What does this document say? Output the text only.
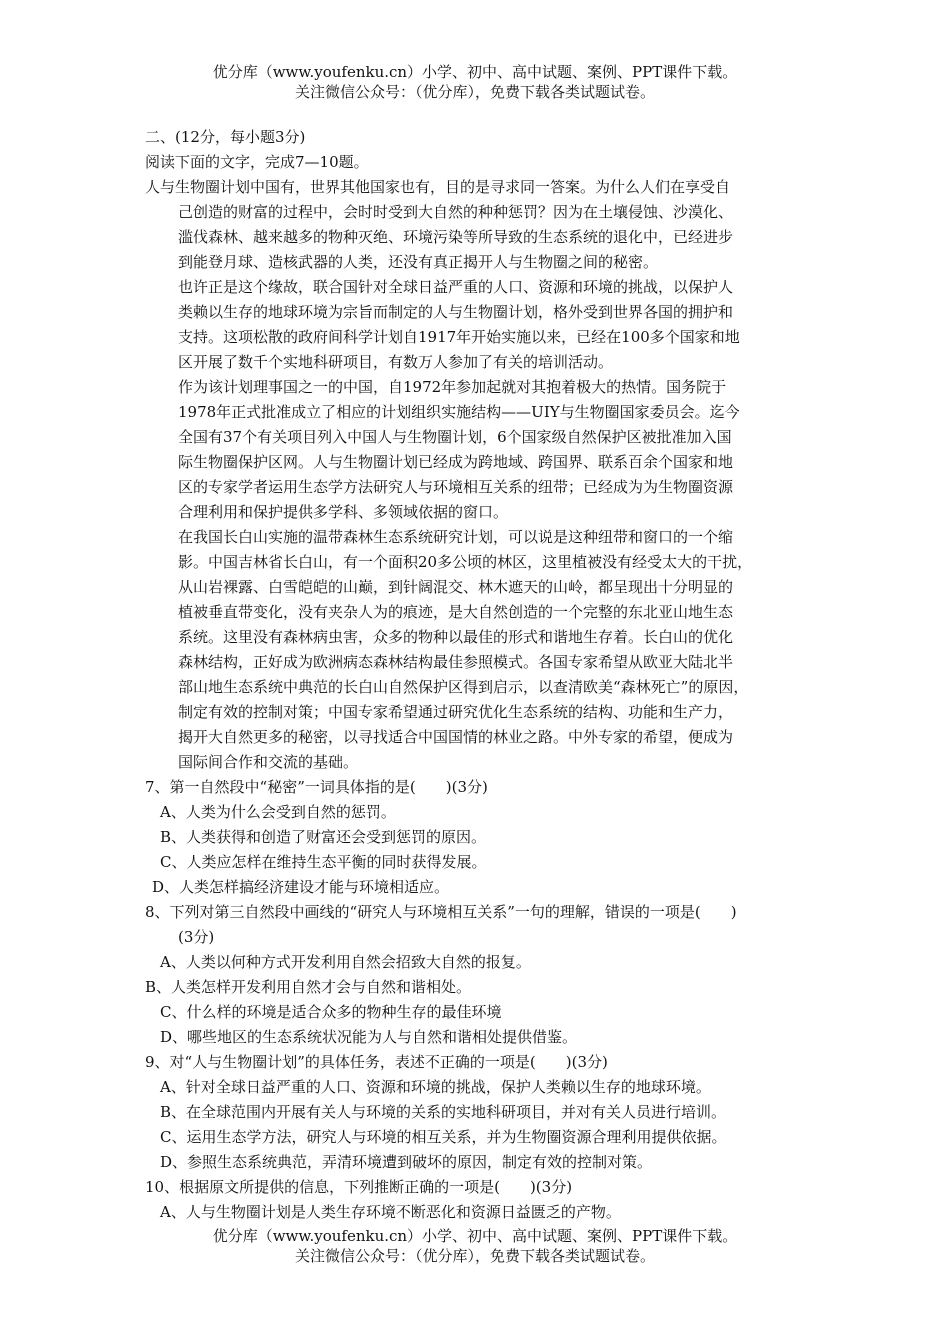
优分库（www.youfenku.cn）小学、初中、高中试题、案例、PPT课件下载。
关注微信公众号：（优分库），免费下载各类试题试卷。
二、(12分，每小题3分)
阅读下面的文字，完成7—10题。
人与生物圈计划中国有，世界其他国家也有，目的是寻求同一答案。为什么人们在享受自
己创造的财富的过程中，会时时受到大自然的种种惩罚？因为在土壤侵蚀、沙漠化、
滥伐森林、越来越多的物种灭绝、环境污染等所导致的生态系统的退化中，已经进步
到能登月球、造核武器的人类，还没有真正揭开人与生物圈之间的秘密。
也许正是这个缘故，联合国针对全球日益严重的人口、资源和环境的挑战，以保护人
类赖以生存的地球环境为宗旨而制定的人与生物圈计划，格外受到世界各国的拥护和
支持。这项松散的政府间科学计划自1917年开始实施以来，已经在100多个国家和地
区开展了数千个实地科研项目，有数万人参加了有关的培训活动。
作为该计划理事国之一的中国，自1972年参加起就对其抱着极大的热情。国务院于
1978年正式批准成立了相应的计划组织实施结构——UIY与生物圈国家委员会。迄今
全国有37个有关项目列入中国人与生物圈计划，6个国家级自然保护区被批准加入国
际生物圈保护区网。人与生物圈计划已经成为跨地域、跨国界、联系百余个国家和地
区的专家学者运用生态学方法研究人与环境相互关系的纽带；已经成为为生物圈资源
合理利用和保护提供多学科、多领域依据的窗口。
在我国长白山实施的温带森林生态系统研究计划，可以说是这种纽带和窗口的一个缩
影。中国吉林省长白山，有一个面积20多公顷的林区，这里植被没有经受太大的干扰，
从山岩裸露、白雪皑皑的山巅，到针阔混交、林木遮天的山岭，都呈现出十分明显的
植被垂直带变化，没有夹杂人为的痕迹，是大自然创造的一个完整的东北亚山地生态
系统。这里没有森林病虫害，众多的物种以最佳的形式和谐地生存着。长白山的优化
森林结构，正好成为欧洲病态森林结构最佳参照模式。各国专家希望从欧亚大陆北半
部山地生态系统中典范的长白山自然保护区得到启示，以查清欧美“森林死亡”的原因，
制定有效的控制对策；中国专家希望通过研究优化生态系统的结构、功能和生产力，
揭开大自然更多的秘密，以寻找适合中国国情的林业之路。中外专家的希望，便成为
国际间合作和交流的基础。
7、第一自然段中“秘密”一词具体指的是(　　)(3分)
A、人类为什么会受到自然的惩罚。
B、人类获得和创造了财富还会受到惩罚的原因。
C、人类应怎样在维持生态平衡的同时获得发展。
D、人类怎样搞经济建设才能与环境相适应。
8、下列对第三自然段中画线的“研究人与环境相互关系”一句的理解，错误的一项是(　　)
(3分)
A、人类以何种方式开发利用自然会招致大自然的报复。
B、人类怎样开发利用自然才会与自然和谐相处。
C、什么样的环境是适合众多的物种生存的最佳环境
D、哪些地区的生态系统状况能为人与自然和谐相处提供借鉴。
9、对“人与生物圈计划”的具体任务，表述不正确的一项是(　　)(3分)
A、针对全球日益严重的人口、资源和环境的挑战，保护人类赖以生存的地球环境。
B、在全球范围内开展有关人与环境的关系的实地科研项目，并对有关人员进行培训。
C、运用生态学方法，研究人与环境的相互关系，并为生物圈资源合理利用提供依据。
D、参照生态系统典范，弄清环境遭到破坏的原因，制定有效的控制对策。
10、根据原文所提供的信息，下列推断正确的一项是(　　)(3分)
A、人与生物圈计划是人类生存环境不断恶化和资源日益匮乏的产物。
优分库（www.youfenku.cn）小学、初中、高中试题、案例、PPT课件下载。
关注微信公众号：（优分库），免费下载各类试题试卷。
